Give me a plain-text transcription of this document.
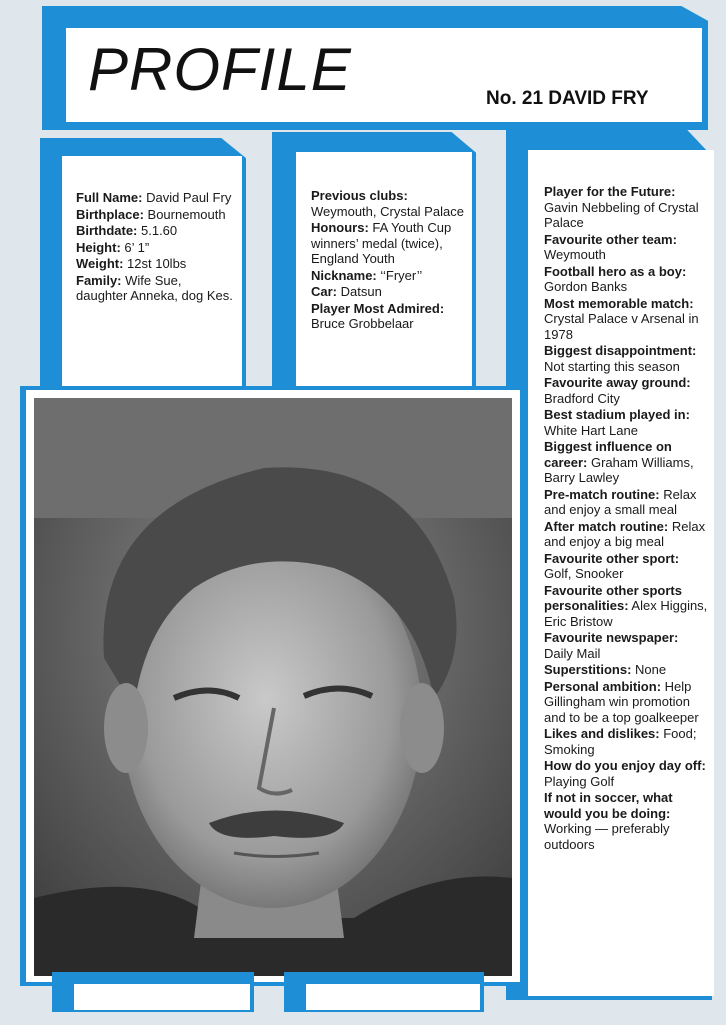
PROFILE	No. 21 DAVID FRY
Full Name: David Paul Fry
Birthplace: Bournemouth
Birthdate: 5.1.60
Height: 6’ 1”
Weight: 12st 10lbs
Family: Wife Sue, daughter Anneka, dog Kes.
Previous clubs: Weymouth, Crystal Palace
Honours: FA Youth Cup winners’ medal (twice), England Youth
Nickname: ‘‘Fryer’’
Car: Datsun
Player Most Admired: Bruce Grobbelaar
Player for the Future: Gavin Nebbeling of Crystal Palace
Favourite other team: Weymouth
Football hero as a boy: Gordon Banks
Most memorable match: Crystal Palace v Arsenal in 1978
Biggest disappointment: Not starting this season
Favourite away ground: Bradford City
Best stadium played in: White Hart Lane
Biggest influence on career: Graham Williams, Barry Lawley
Pre-match routine: Relax and enjoy a small meal
After match routine: Relax and enjoy a big meal
Favourite other sport: Golf, Snooker
Favourite other sports personalities: Alex Higgins, Eric Bristow
Favourite newspaper: Daily Mail
Superstitions: None
Personal ambition: Help Gillingham win promotion and to be a top goalkeeper
Likes and dislikes: Food; Smoking
How do you enjoy day off: Playing Golf
If not in soccer, what would you be doing: Working — preferably outdoors
